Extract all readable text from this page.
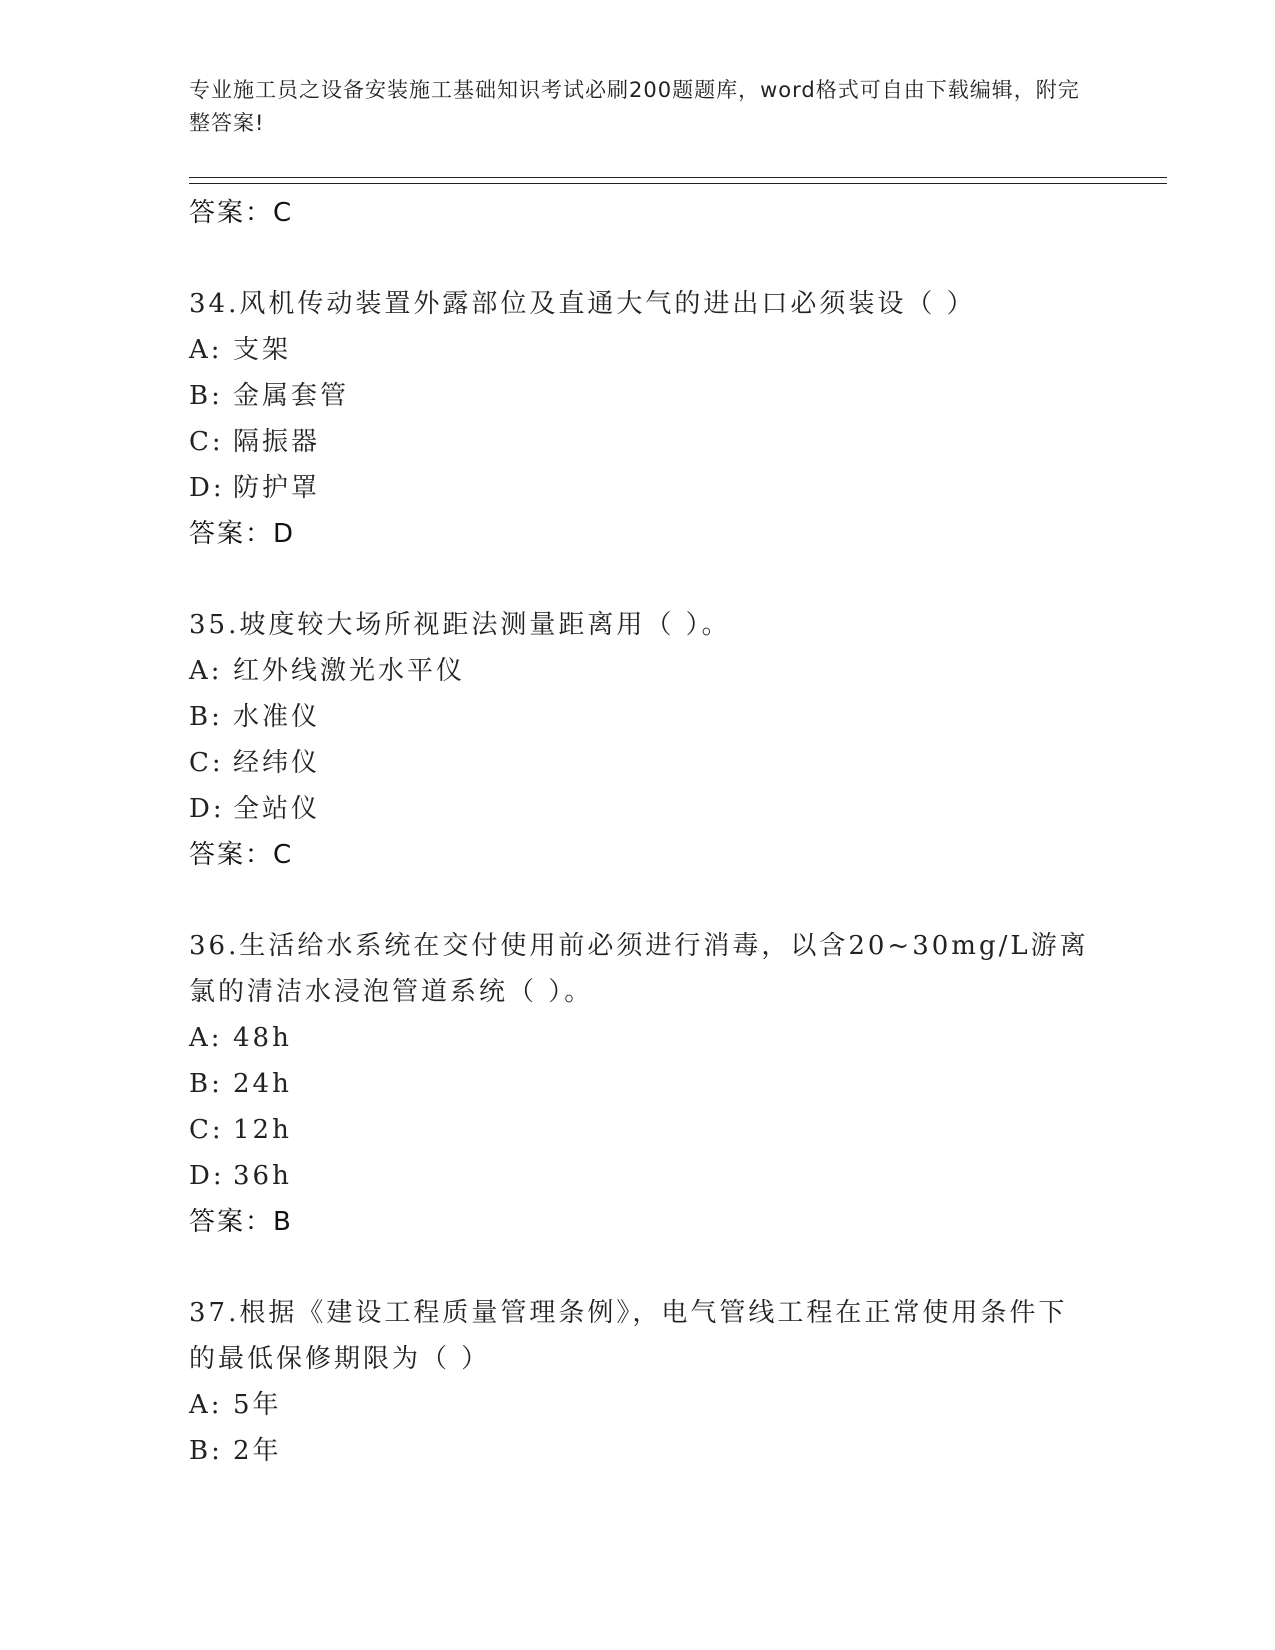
专业施工员之设备安装施工基础知识考试必刷200题题库，word格式可自由下载编辑，附完整答案!
答案：C
34.风机传动装置外露部位及直通大气的进出口必须装设（ ）
A: 支架
B: 金属套管
C: 隔振器
D: 防护罩
答案：D
35.坡度较大场所视距法测量距离用（ ）。
A: 红外线激光水平仪
B: 水准仪
C: 经纬仪
D: 全站仪
答案：C
36.生活给水系统在交付使用前必须进行消毒，以含20~30mg/L游离氯的清洁水浸泡管道系统（ ）。
A: 48h
B: 24h
C: 12h
D: 36h
答案：B
37.根据《建设工程质量管理条例》，电气管线工程在正常使用条件下的最低保修期限为（ ）
A: 5年
B: 2年
